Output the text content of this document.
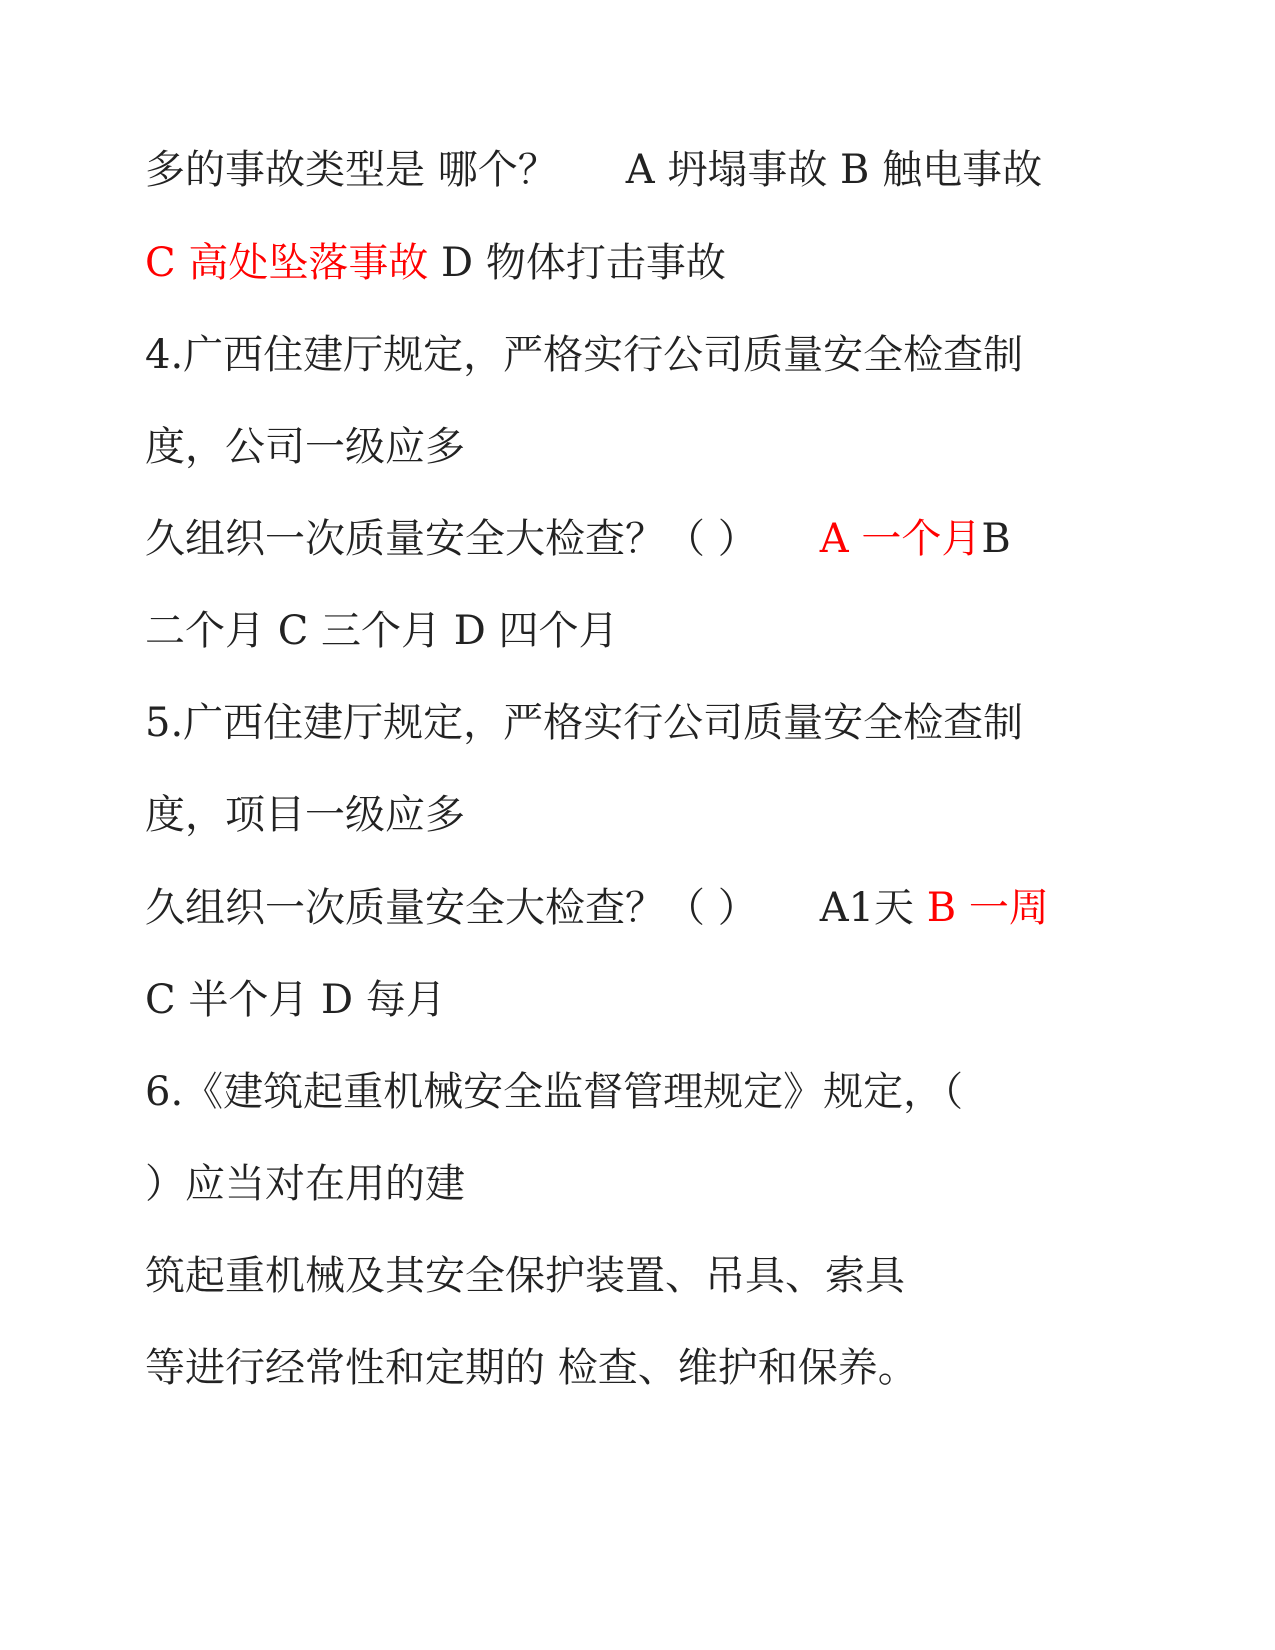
多的事故类型是 哪个？ A 坍塌事故 B 触电事故
C 高处坠落事故 D 物体打击事故
4.广西住建厅规定，严格实行公司质量安全检查制
度，公司一级应多
久组织一次质量安全大检查？（ ） A 一个月B
二个月 C 三个月 D 四个月
5.广西住建厅规定，严格实行公司质量安全检查制
度，项目一级应多
久组织一次质量安全大检查？（ ） A1天 B 一周
C 半个月 D 每月
6.《建筑起重机械安全监督管理规定》规定，（
）应当对在用的建
筑起重机械及其安全保护装置、吊具、索具
等进行经常性和定期的 检查、维护和保养。
